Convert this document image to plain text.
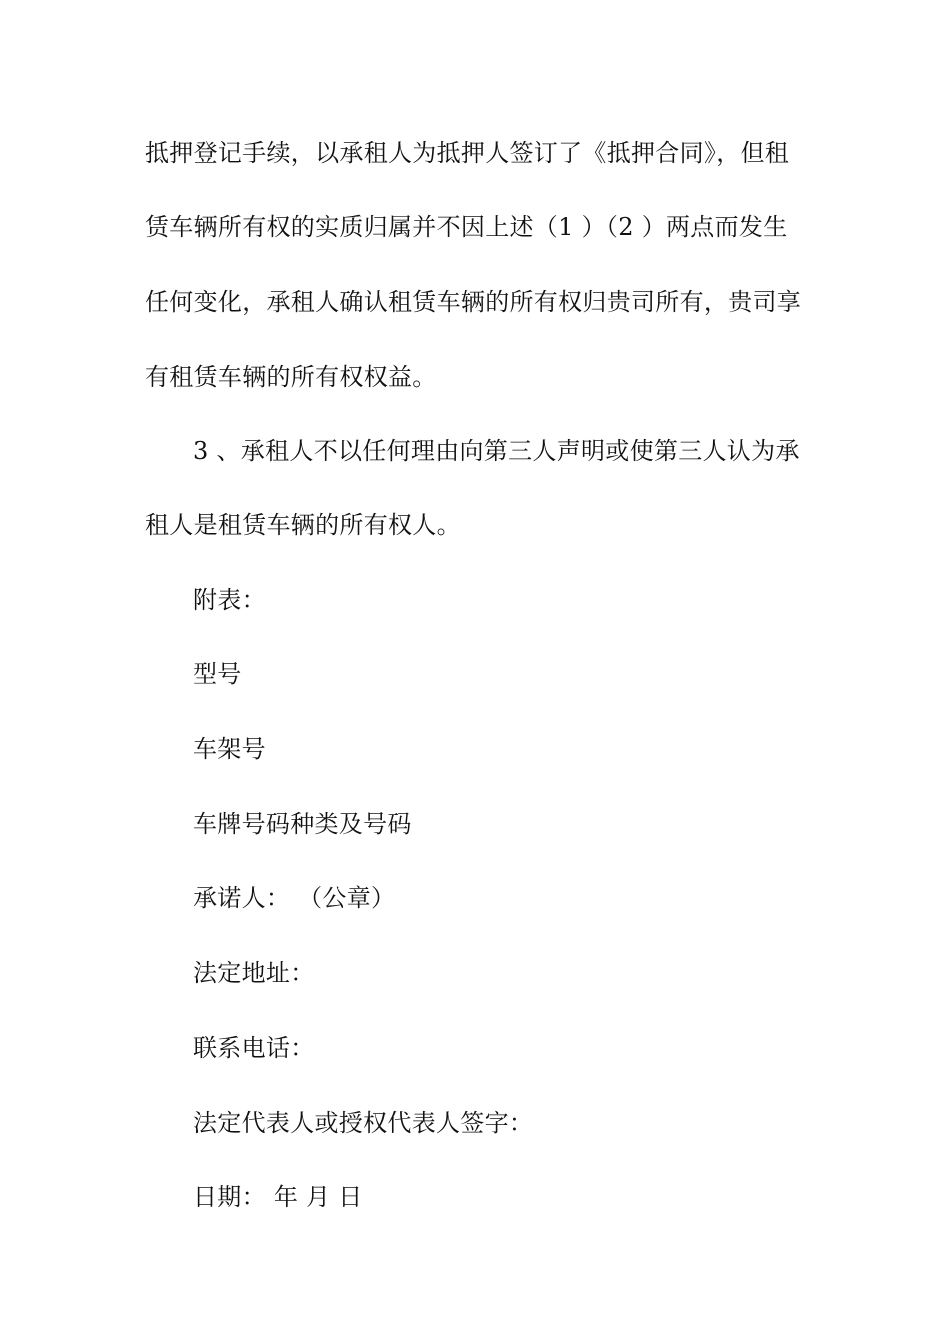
抵押登记手续，以承租人为抵押人签订了《抵押合同》，但租
赁车辆所有权的实质归属并不因上述（1 ）（2 ）两点而发生
任何变化，承租人确认租赁车辆的所有权归贵司所有，贵司享
有租赁车辆的所有权权益。
3 、承租人不以任何理由向第三人声明或使第三人认为承
租人是租赁车辆的所有权人。
附表：
型号
车架号
车牌号码种类及号码
承诺人： （公章）
法定地址：
联系电话：
法定代表人或授权代表人签字：
日期： 年 月 日
